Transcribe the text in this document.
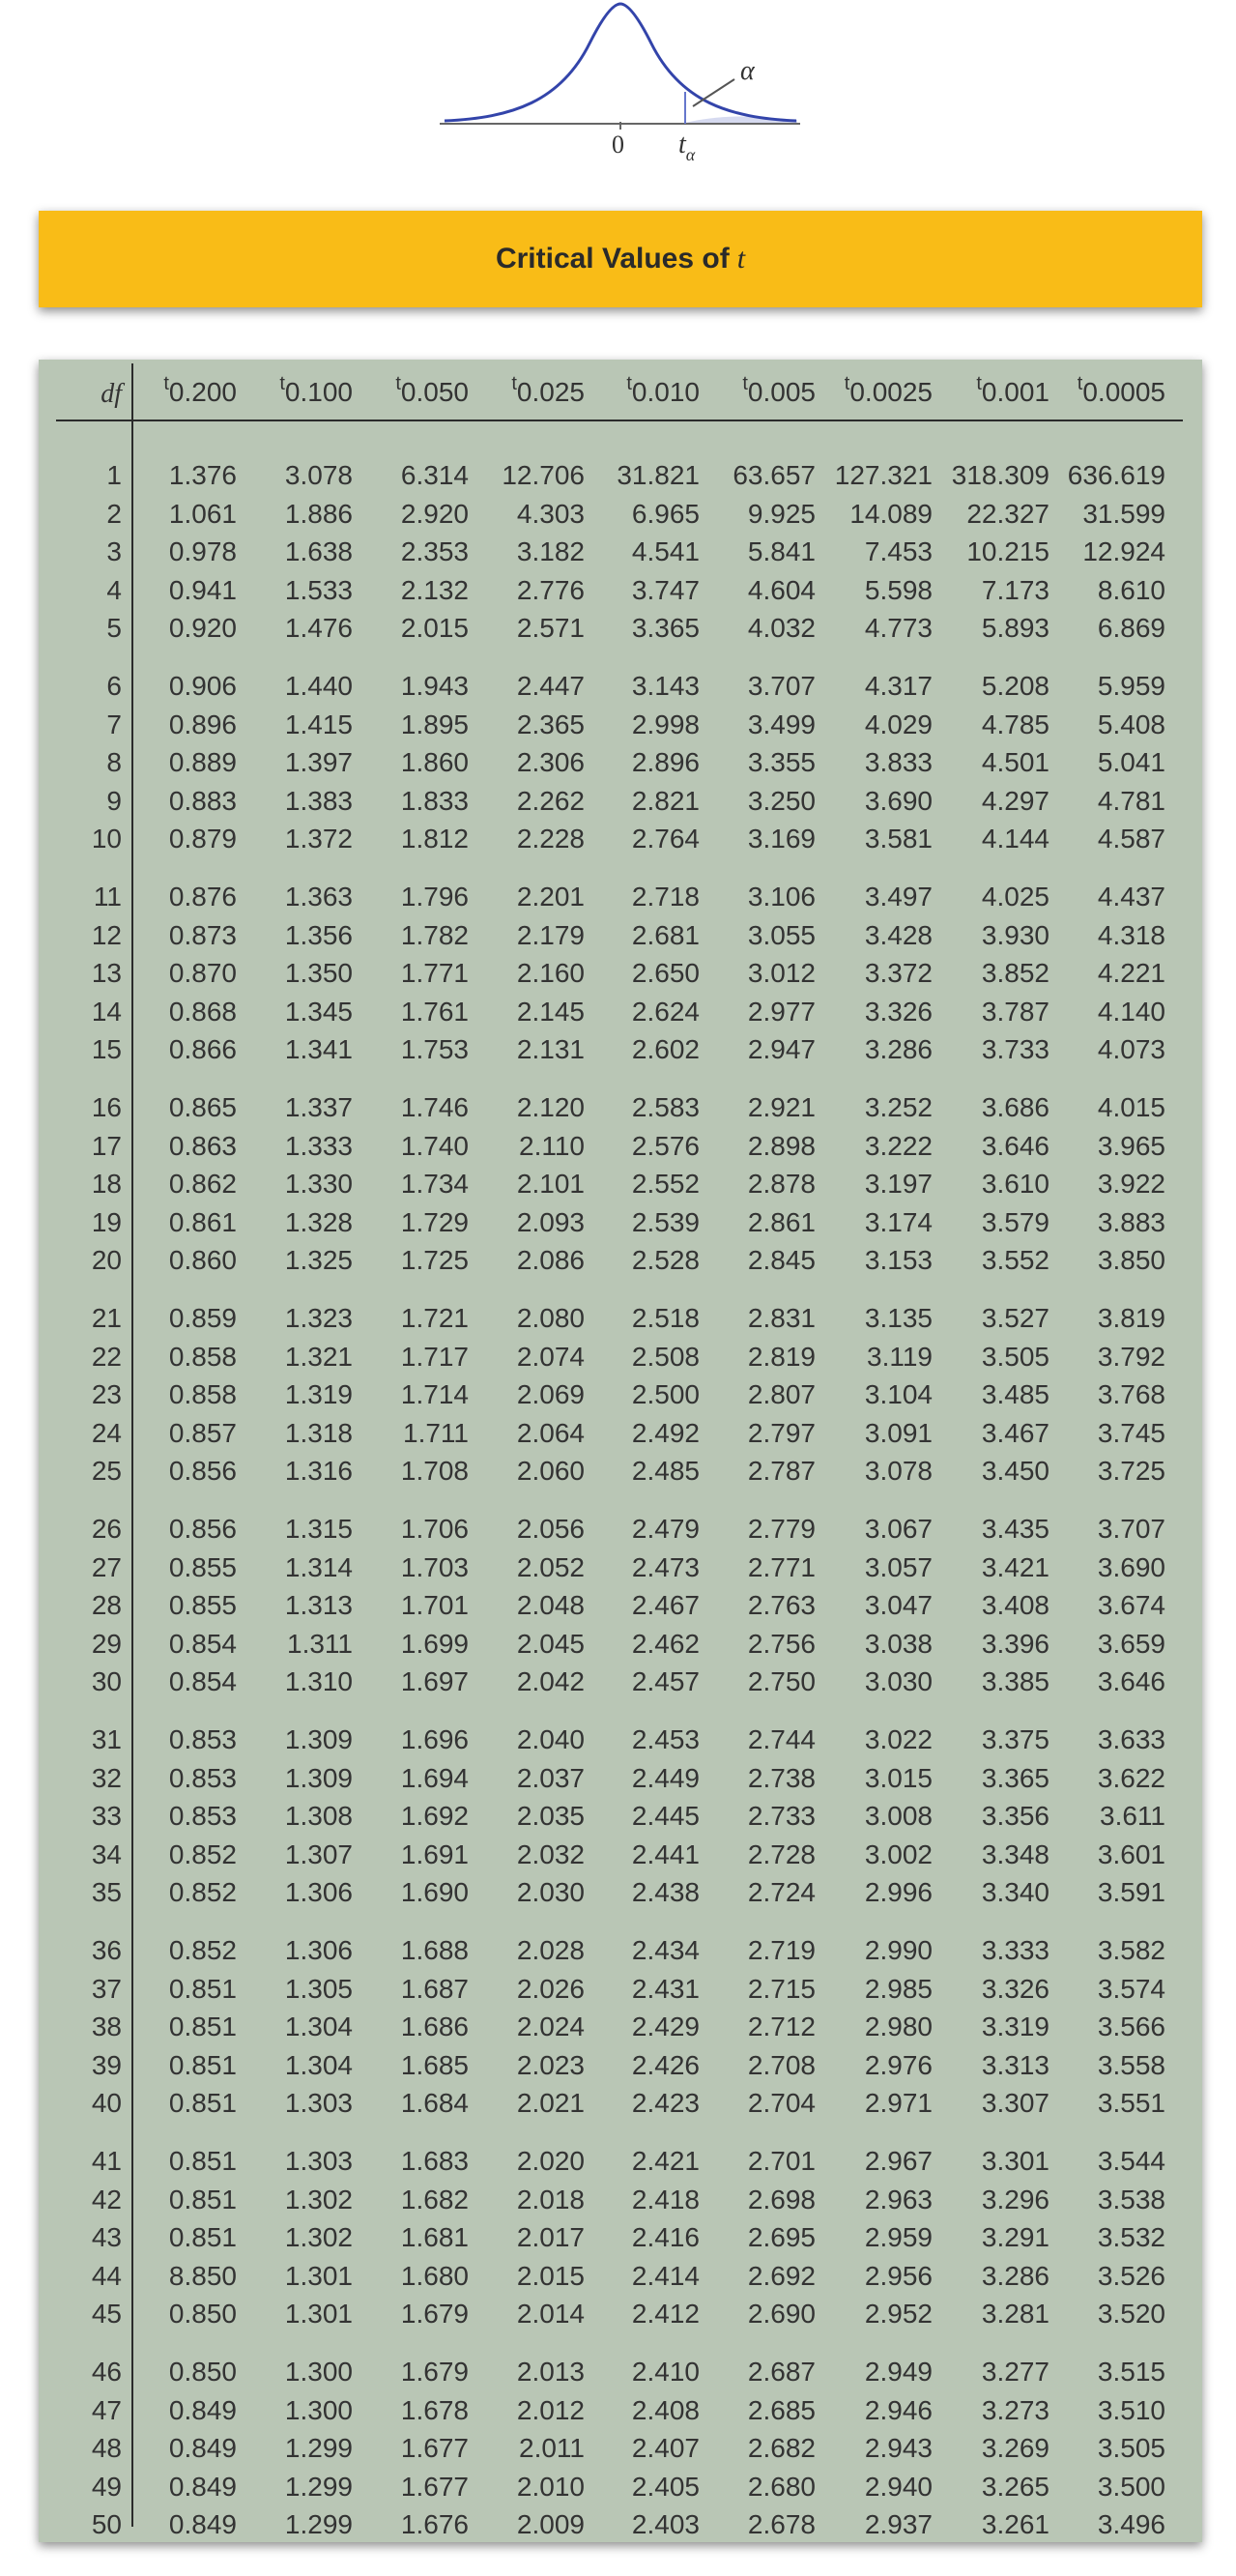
α
0 $t_\alpha$
Critical Values of t
df	$^t$0.200	$^t$0.100	$^t$0.050	$^t$0.025	$^t$0.010	$^t$0.005	$^t$0.0025	$^t$0.001	$^t$0.0005
1	1.376	3.078	6.314	12.706	31.821	63.657 127.321 318.309 636.619
2	1.061	1.886	2.920	4.303	6.965	9.925	14.089	22.327	31.599
3	0.978	1.638	2.353	3.182	4.541	5.841	7.453	10.215	12.924
4	0.941	1.533	2.132	2.776	3.747	4.604	5.598	7.173	8.610
5	0.920	1.476	2.015	2.571	3.365	4.032	4.773	5.893	6.869
6	0.906	1.440	1.943	2.447	3.143	3.707	4.317	5.208	5.959
7	0.896	1.415	1.895	2.365	2.998	3.499	4.029	4.785	5.408
8	0.889	1.397	1.860	2.306	2.896	3.355	3.833	4.501	5.041
9	0.883	1.383	1.833	2.262	2.821	3.250	3.690	4.297	4.781
10	0.879	1.372	1.812	2.228	2.764	3.169	3.581	4.144	4.587
11	0.876	1.363	1.796	2.201	2.718	3.106	3.497	4.025	4.437
12	0.873	1.356	1.782	2.179	2.681	3.055	3.428	3.930	4.318
13	0.870	1.350	1.771	2.160	2.650	3.012	3.372	3.852	4.221
14	0.868	1.345	1.761	2.145	2.624	2.977	3.326	3.787	4.140
15	0.866	1.341	1.753	2.131	2.602	2.947	3.286	3.733	4.073
16	0.865	1.337	1.746	2.120	2.583	2.921	3.252	3.686	4.015
17	0.863	1.333	1.740	2.110	2.576	2.898	3.222	3.646	3.965
18	0.862	1.330	1.734	2.101	2.552	2.878	3.197	3.610	3.922
19	0.861	1.328	1.729	2.093	2.539	2.861	3.174	3.579	3.883
20	0.860	1.325	1.725	2.086	2.528	2.845	3.153	3.552	3.850
21	0.859	1.323	1.721	2.080	2.518	2.831	3.135	3.527	3.819
22	0.858	1.321	1.717	2.074	2.508	2.819	3.119	3.505	3.792
23	0.858	1.319	1.714	2.069	2.500	2.807	3.104	3.485	3.768
24	0.857	1.318	1.711	2.064	2.492	2.797	3.091	3.467	3.745
25	0.856	1.316	1.708	2.060	2.485	2.787	3.078	3.450	3.725
26	0.856	1.315	1.706	2.056	2.479	2.779	3.067	3.435	3.707
27	0.855	1.314	1.703	2.052	2.473	2.771	3.057	3.421	3.690
28	0.855	1.313	1.701	2.048	2.467	2.763	3.047	3.408	3.674
29	0.854	1.311	1.699	2.045	2.462	2.756	3.038	3.396	3.659
30	0.854	1.310	1.697	2.042	2.457	2.750	3.030	3.385	3.646
31	0.853	1.309	1.696	2.040	2.453	2.744	3.022	3.375	3.633
32	0.853	1.309	1.694	2.037	2.449	2.738	3.015	3.365	3.622
33	0.853	1.308	1.692	2.035	2.445	2.733	3.008	3.356	3.611
34	0.852	1.307	1.691	2.032	2.441	2.728	3.002	3.348	3.601
35	0.852	1.306	1.690	2.030	2.438	2.724	2.996	3.340	3.591
36	0.852	1.306	1.688	2.028	2.434	2.719	2.990	3.333	3.582
37	0.851	1.305	1.687	2.026	2.431	2.715	2.985	3.326	3.574
38	0.851	1.304	1.686	2.024	2.429	2.712	2.980	3.319	3.566
39	0.851	1.304	1.685	2.023	2.426	2.708	2.976	3.313	3.558
40	0.851	1.303	1.684	2.021	2.423	2.704	2.971	3.307	3.551
41	0.851	1.303	1.683	2.020	2.421	2.701	2.967	3.301	3.544
42	0.851	1.302	1.682	2.018	2.418	2.698	2.963	3.296	3.538
43	0.851	1.302	1.681	2.017	2.416	2.695	2.959	3.291	3.532
44	8.850	1.301	1.680	2.015	2.414	2.692	2.956	3.286	3.526
45	0.850	1.301	1.679	2.014	2.412	2.690	2.952	3.281	3.520
46	0.850	1.300	1.679	2.013	2.410	2.687	2.949	3.277	3.515
47	0.849	1.300	1.678	2.012	2.408	2.685	2.946	3.273	3.510
48	0.849	1.299	1.677	2.011	2.407	2.682	2.943	3.269	3.505
49	0.849	1.299	1.677	2.010	2.405	2.680	2.940	3.265	3.500
50	0.849	1.299	1.676	2.009	2.403	2.678	2.937	3.261	3.496
